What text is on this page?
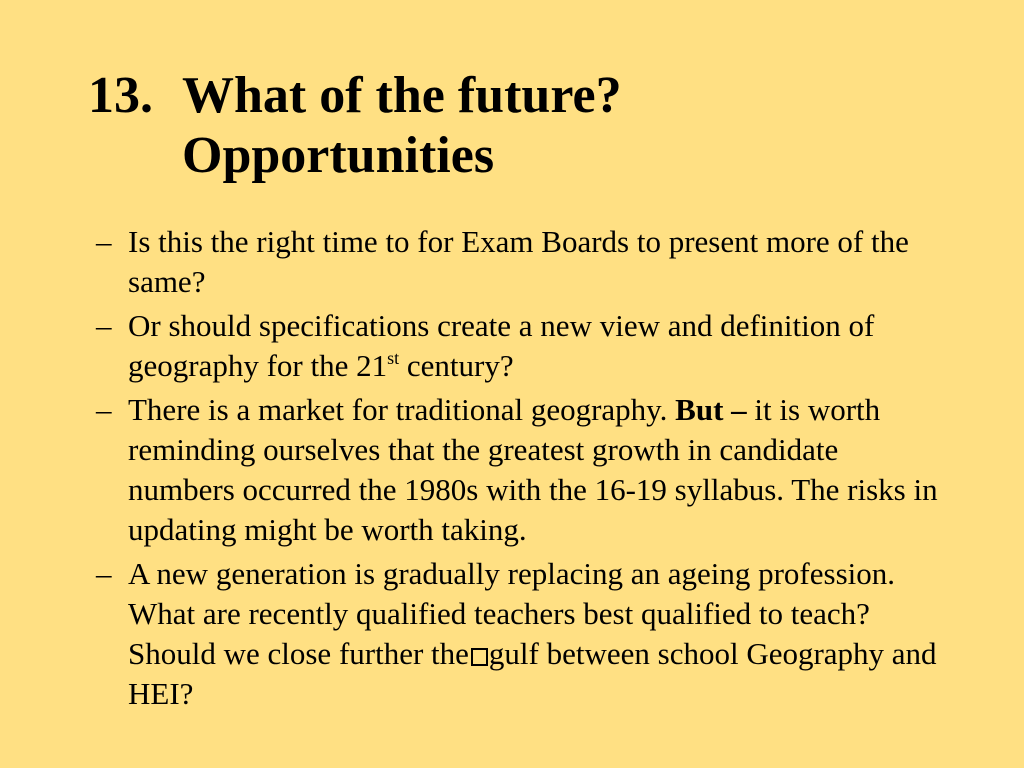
13. What of the future?
Opportunities
– Is this the right time to for Exam Boards to present more of the same?
– Or should specifications create a new view and definition of geography for the 21st century?
– There is a market for traditional geography. But – it is worth reminding ourselves that the greatest growth in candidate numbers occurred the 1980s with the 16-19 syllabus. The risks in updating might be worth taking.
– A new generation is gradually replacing an ageing profession. What are recently qualified teachers best qualified to teach? Should we close further the gulf between school Geography and HEI?
